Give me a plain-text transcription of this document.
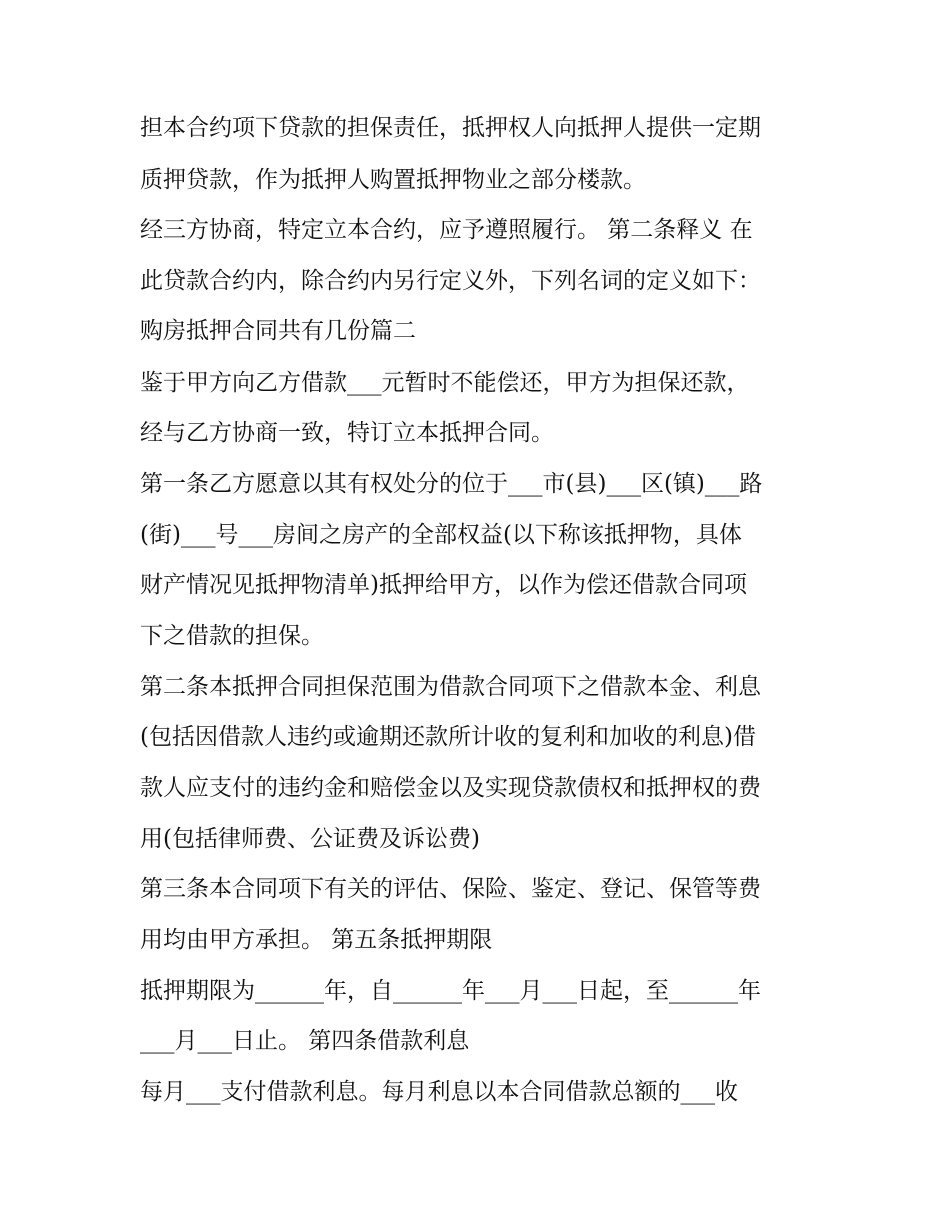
担本合约项下贷款的担保责任，抵押权人向抵押人提供一定期
质押贷款，作为抵押人购置抵押物业之部分楼款。
经三方协商，特定立本合约，应予遵照履行。 第二条释义 在
此贷款合约内，除合约内另行定义外，下列名词的定义如下：
购房抵押合同共有几份篇二
鉴于甲方向乙方借款___元暂时不能偿还，甲方为担保还款，
经与乙方协商一致，特订立本抵押合同。
第一条乙方愿意以其有权处分的位于___市(县)___区(镇)___路
(街)___号___房间之房产的全部权益(以下称该抵押物，具体
财产情况见抵押物清单)抵押给甲方，以作为偿还借款合同项
下之借款的担保。
第二条本抵押合同担保范围为借款合同项下之借款本金、利息
(包括因借款人违约或逾期还款所计收的复利和加收的利息)借
款人应支付的违约金和赔偿金以及实现贷款债权和抵押权的费
用(包括律师费、公证费及诉讼费)
第三条本合同项下有关的评估、保险、鉴定、登记、保管等费
用均由甲方承担。 第五条抵押期限
抵押期限为______年，自______年___月___日起，至______年
___月___日止。 第四条借款利息
每月___支付借款利息。每月利息以本合同借款总额的___收
